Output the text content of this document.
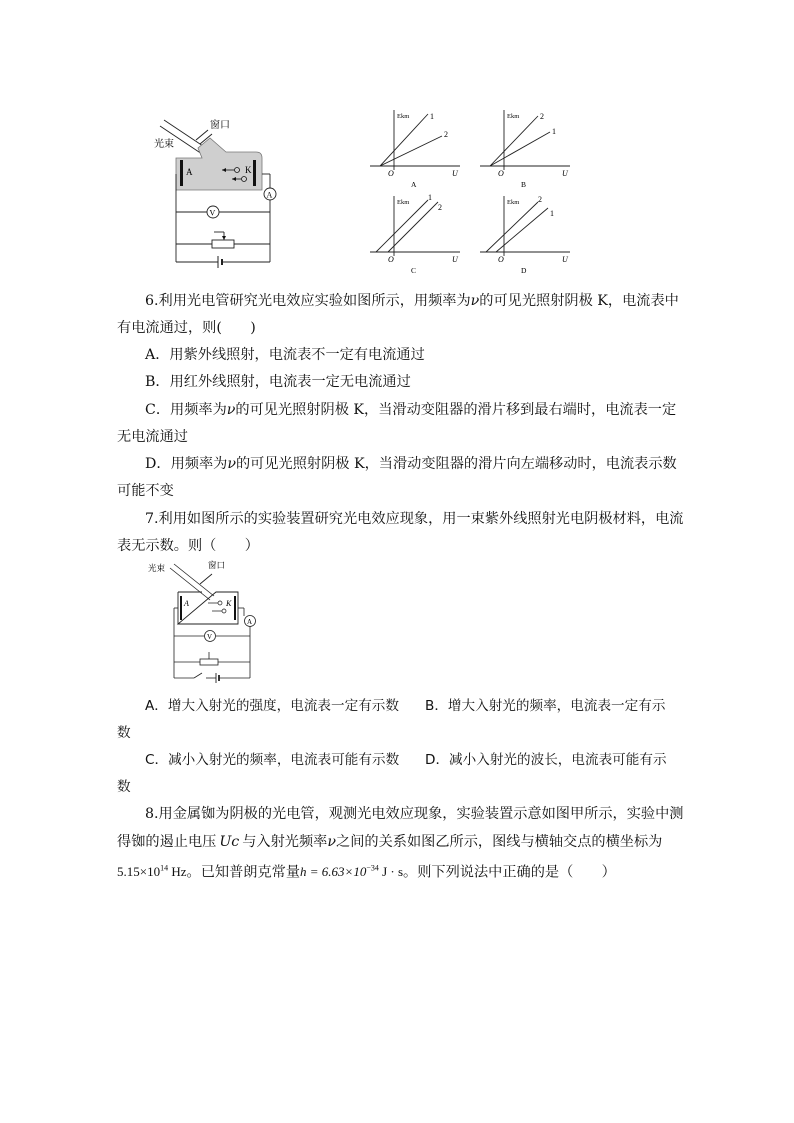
光束
窗口
A	K
A
V
Ekm	1
2
O	U
A
Ekm	2
1
O	U
B
Ekm
1
2
O	U
C
Ekm 2
1
O	U
D
6.利用光电管研究光电效应实验如图所示，用频率为ν的可见光照射阴极 K，电流表中
有电流通过，则(　　)
A．用紫外线照射，电流表不一定有电流通过
B．用红外线照射，电流表一定无电流通过
C．用频率为ν的可见光照射阴极 K，当滑动变阻器的滑片移到最右端时，电流表一定
无电流通过
D．用频率为ν的可见光照射阴极 K，当滑动变阻器的滑片向左端移动时，电流表示数
可能不变
7.利用如图所示的实验装置研究光电效应现象，用一束紫外线照射光电阴极材料，电流
表无示数。则（　　）
光束	窗口
A	K
A
V
A．增大入射光的强度，电流表一定有示数 B．增大入射光的频率，电流表一定有示
数
C．减小入射光的频率，电流表可能有示数 D．减小入射光的波长，电流表可能有示
数
8.用金属铷为阴极的光电管，观测光电效应现象，实验装置示意如图甲所示，实验中测
得铷的遏止电压 Uc 与入射光频率ν之间的关系如图乙所示，图线与横轴交点的横坐标为
$5.15\times 10^{14}$ Hz。已知普朗克常量$h = 6.63\times 10^{-34}$ J · s。则下列说法中正确的是（　　）
